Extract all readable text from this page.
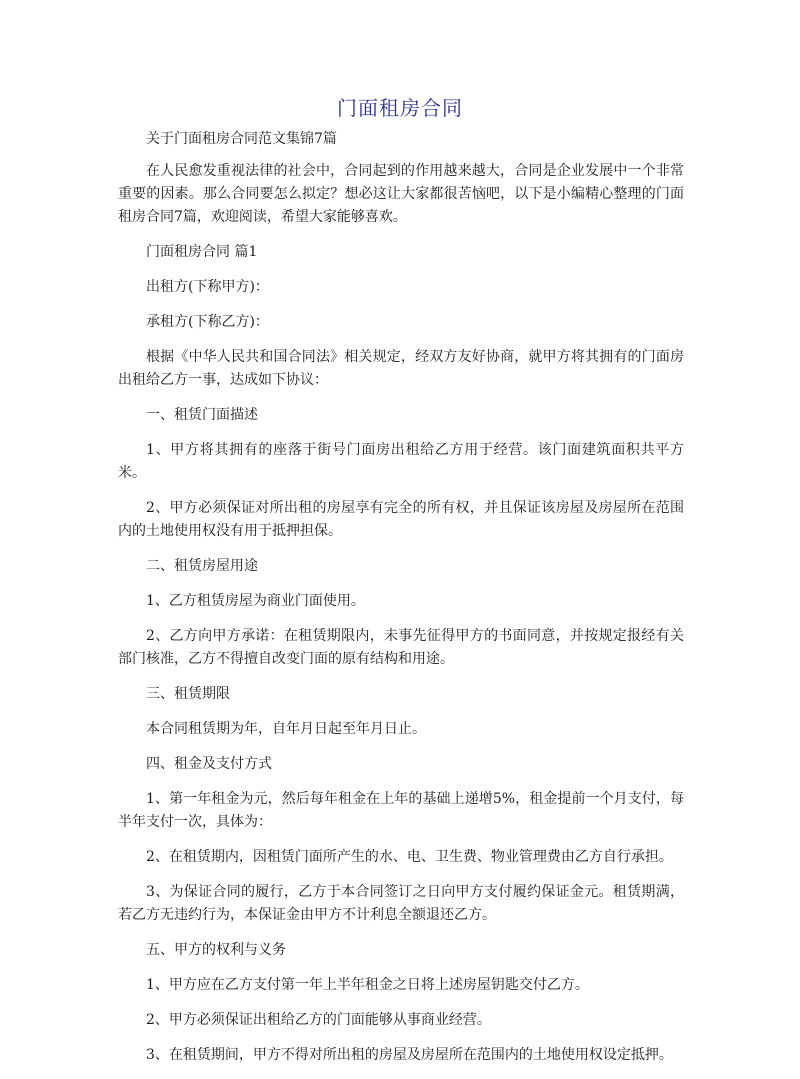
门面租房合同

关于门面租房合同范文集锦7篇

在人民愈发重视法律的社会中，合同起到的作用越来越大，合同是企业发展中一个非常重要的因素。那么合同要怎么拟定？想必这让大家都很苦恼吧，以下是小编精心整理的门面租房合同7篇，欢迎阅读，希望大家能够喜欢。

门面租房合同 篇1

出租方(下称甲方)：

承租方(下称乙方)：

根据《中华人民共和国合同法》相关规定，经双方友好协商，就甲方将其拥有的门面房出租给乙方一事，达成如下协议：

一、租赁门面描述

1、甲方将其拥有的座落于街号门面房出租给乙方用于经营。该门面建筑面积共平方米。

2、甲方必须保证对所出租的房屋享有完全的所有权，并且保证该房屋及房屋所在范围内的土地使用权没有用于抵押担保。

二、租赁房屋用途

1、乙方租赁房屋为商业门面使用。

2、乙方向甲方承诺：在租赁期限内，未事先征得甲方的书面同意，并按规定报经有关部门核准，乙方不得擅自改变门面的原有结构和用途。

三、租赁期限

本合同租赁期为年，自年月日起至年月日止。

四、租金及支付方式

1、第一年租金为元，然后每年租金在上年的基础上递增5%，租金提前一个月支付，每半年支付一次，具体为：

2、在租赁期内，因租赁门面所产生的水、电、卫生费、物业管理费由乙方自行承担。

3、为保证合同的履行，乙方于本合同签订之日向甲方支付履约保证金元。租赁期满，若乙方无违约行为，本保证金由甲方不计利息全额退还乙方。

五、甲方的权利与义务

1、甲方应在乙方支付第一年上半年租金之日将上述房屋钥匙交付乙方。

2、甲方必须保证出租给乙方的门面能够从事商业经营。

3、在租赁期间，甲方不得对所出租的房屋及房屋所在范围内的土地使用权设定抵押。
